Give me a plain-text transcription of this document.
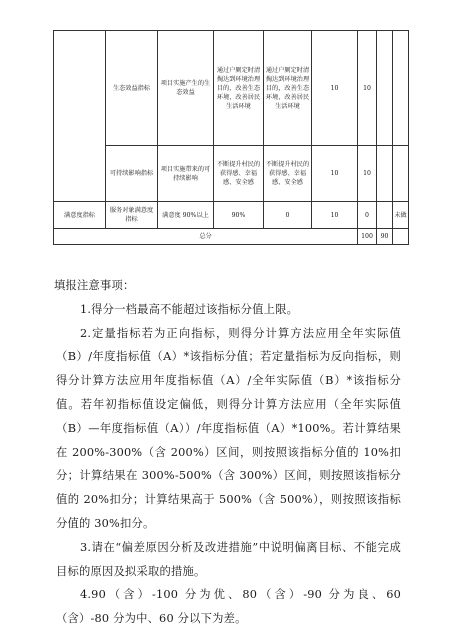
	生态效益指标	项目实施产生的生态效益	通过户厕定时清掏达到环境治理目的，改善生态环境，改善居民生活环境	通过户厕定时清掏达到环境治理目的，改善生态环境，改善居民生活环境	10	10		
	可持续影响指标	项目实施带来的可持续影响	不断提升村民的获得感、幸福感、安全感	不断提升村民的获得感、幸福感、安全感	10	10		
满意度指标	服务对象满意度指标	满意度 90%以上	90%	0	10	0		未做
总分						100	90	

填报注意事项：

1.得分一档最高不能超过该指标分值上限。

2.定量指标若为正向指标，则得分计算方法应用全年实际值（B）/年度指标值（A）*该指标分值；若定量指标为反向指标，则得分计算方法应用年度指标值（A）/全年实际值（B）*该指标分值。若年初指标值设定偏低，则得分计算方法应用（全年实际值（B）—年度指标值（A））/年度指标值（A）*100%。若计算结果在 200%-300%（含 200%）区间，则按照该指标分值的 10%扣分；计算结果在 300%-500%（含 300%）区间，则按照该指标分值的 20%扣分；计算结果高于 500%（含 500%），则按照该指标分值的 30%扣分。

3.请在“偏差原因分析及改进措施”中说明偏离目标、不能完成目标的原因及拟采取的措施。

4.90（含）-100 分为优、80（含）-90 分为良、60（含）-80 分为中、60 分以下为差。
